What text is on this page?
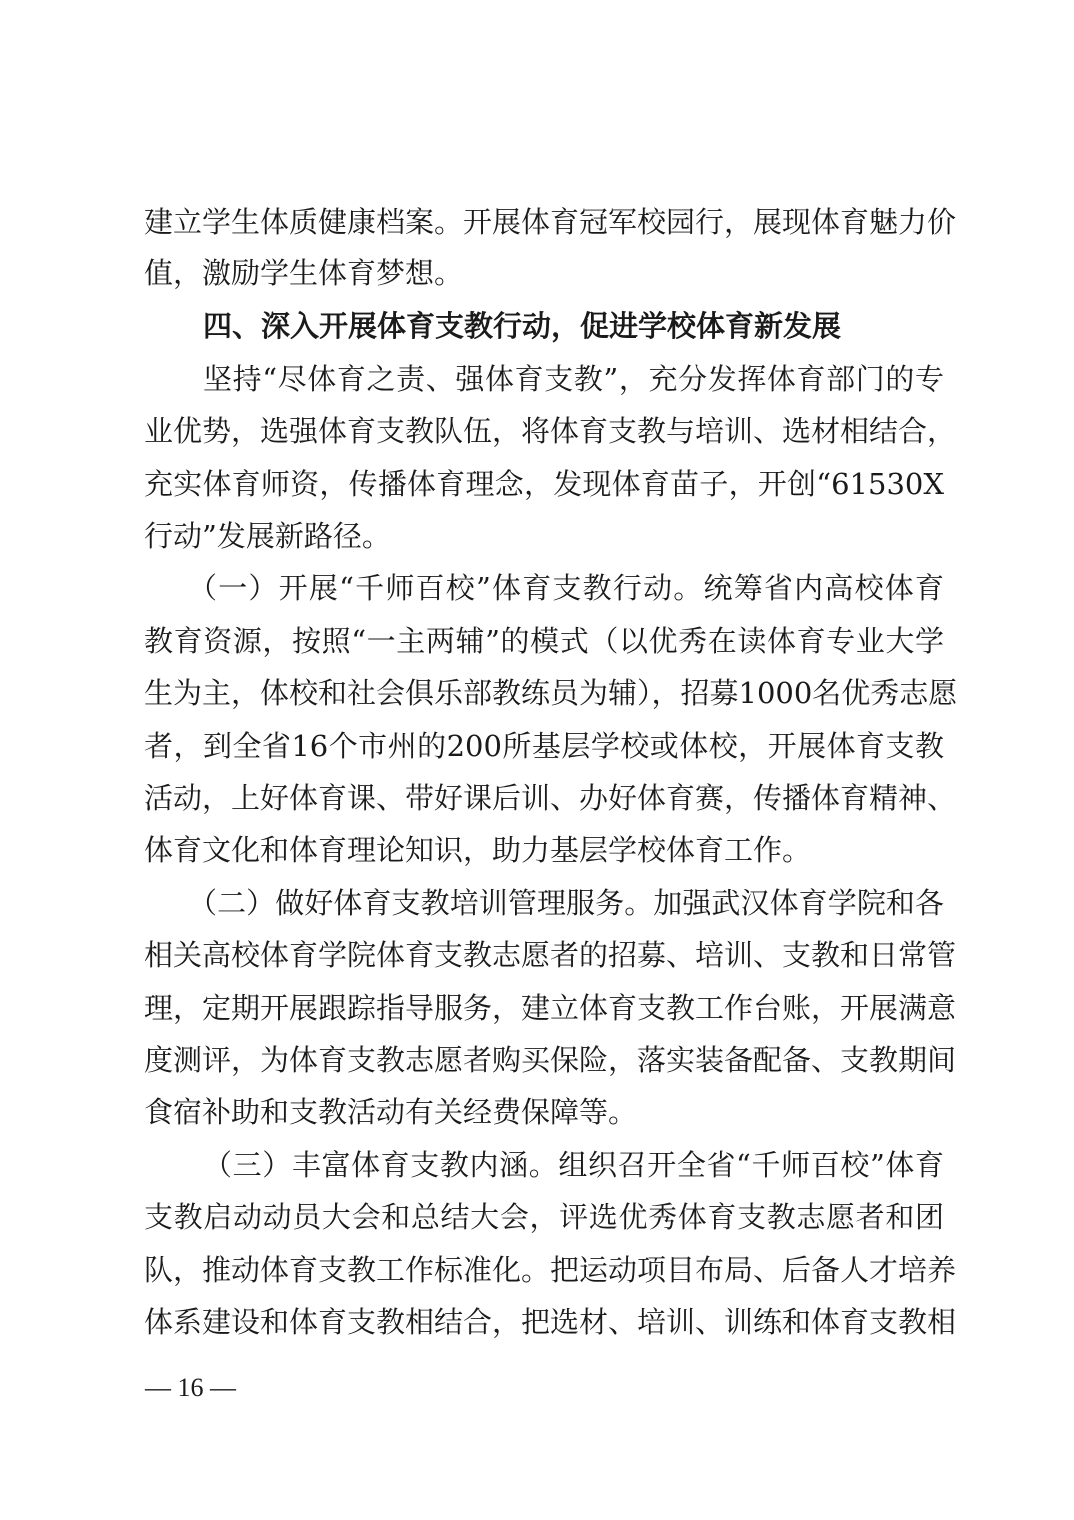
建立学生体质健康档案。开展体育冠军校园行，展现体育魅力价
值，激励学生体育梦想。
四、深入开展体育支教行动，促进学校体育新发展
坚持“尽体育之责、强体育支教”，充分发挥体育部门的专
业优势，选强体育支教队伍，将体育支教与培训、选材相结合，
充实体育师资，传播体育理念，发现体育苗子，开创“61530X
行动”发展新路径。
（一）开展“千师百校”体育支教行动。统筹省内高校体育
教育资源，按照“一主两辅”的模式（以优秀在读体育专业大学
生为主，体校和社会俱乐部教练员为辅），招募1000名优秀志愿
者，到全省16个市州的200所基层学校或体校，开展体育支教
活动，上好体育课、带好课后训、办好体育赛，传播体育精神、
体育文化和体育理论知识，助力基层学校体育工作。
（二）做好体育支教培训管理服务。加强武汉体育学院和各
相关高校体育学院体育支教志愿者的招募、培训、支教和日常管
理，定期开展跟踪指导服务，建立体育支教工作台账，开展满意
度测评，为体育支教志愿者购买保险，落实装备配备、支教期间
食宿补助和支教活动有关经费保障等。
（三）丰富体育支教内涵。组织召开全省“千师百校”体育
支教启动动员大会和总结大会，评选优秀体育支教志愿者和团
队，推动体育支教工作标准化。把运动项目布局、后备人才培养
体系建设和体育支教相结合，把选材、培训、训练和体育支教相
— 16 —
